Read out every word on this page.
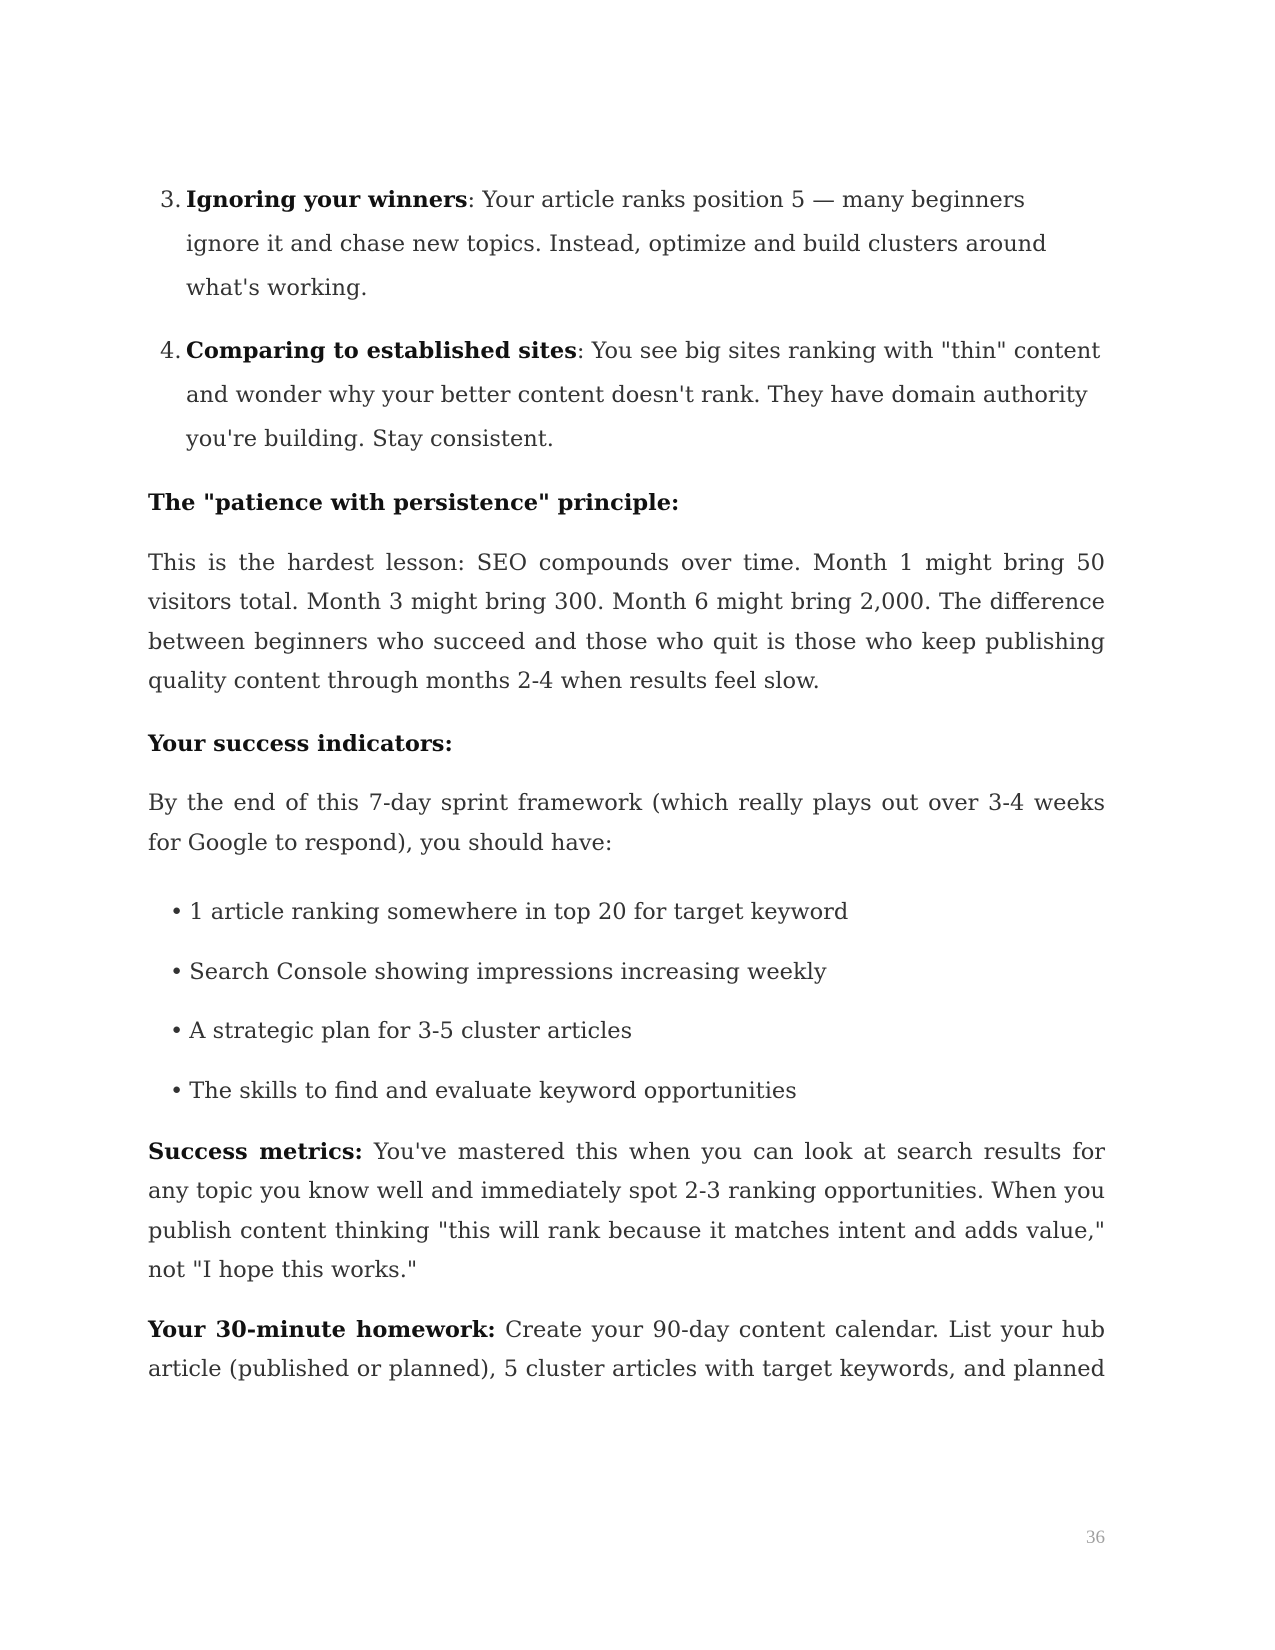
3. Ignoring your winners: Your article ranks position 5 — many beginners ignore it and chase new topics. Instead, optimize and build clusters around what's working.
4. Comparing to established sites: You see big sites ranking with "thin" content and wonder why your better content doesn't rank. They have domain authority you're building. Stay consistent.
The "patience with persistence" principle:

This is the hardest lesson: SEO compounds over time. Month 1 might bring 50 visitors total. Month 3 might bring 300. Month 6 might bring 2,000. The difference between beginners who succeed and those who quit is those who keep publishing quality content through months 2-4 when results feel slow.

Your success indicators:

By the end of this 7-day sprint framework (which really plays out over 3-4 weeks for Google to respond), you should have:

• 1 article ranking somewhere in top 20 for target keyword
• Search Console showing impressions increasing weekly
• A strategic plan for 3-5 cluster articles
• The skills to find and evaluate keyword opportunities

Success metrics: You've mastered this when you can look at search results for any topic you know well and immediately spot 2-3 ranking opportunities. When you publish content thinking "this will rank because it matches intent and adds value," not "I hope this works."

Your 30-minute homework: Create your 90-day content calendar. List your hub article (published or planned), 5 cluster articles with target keywords, and planned

36
